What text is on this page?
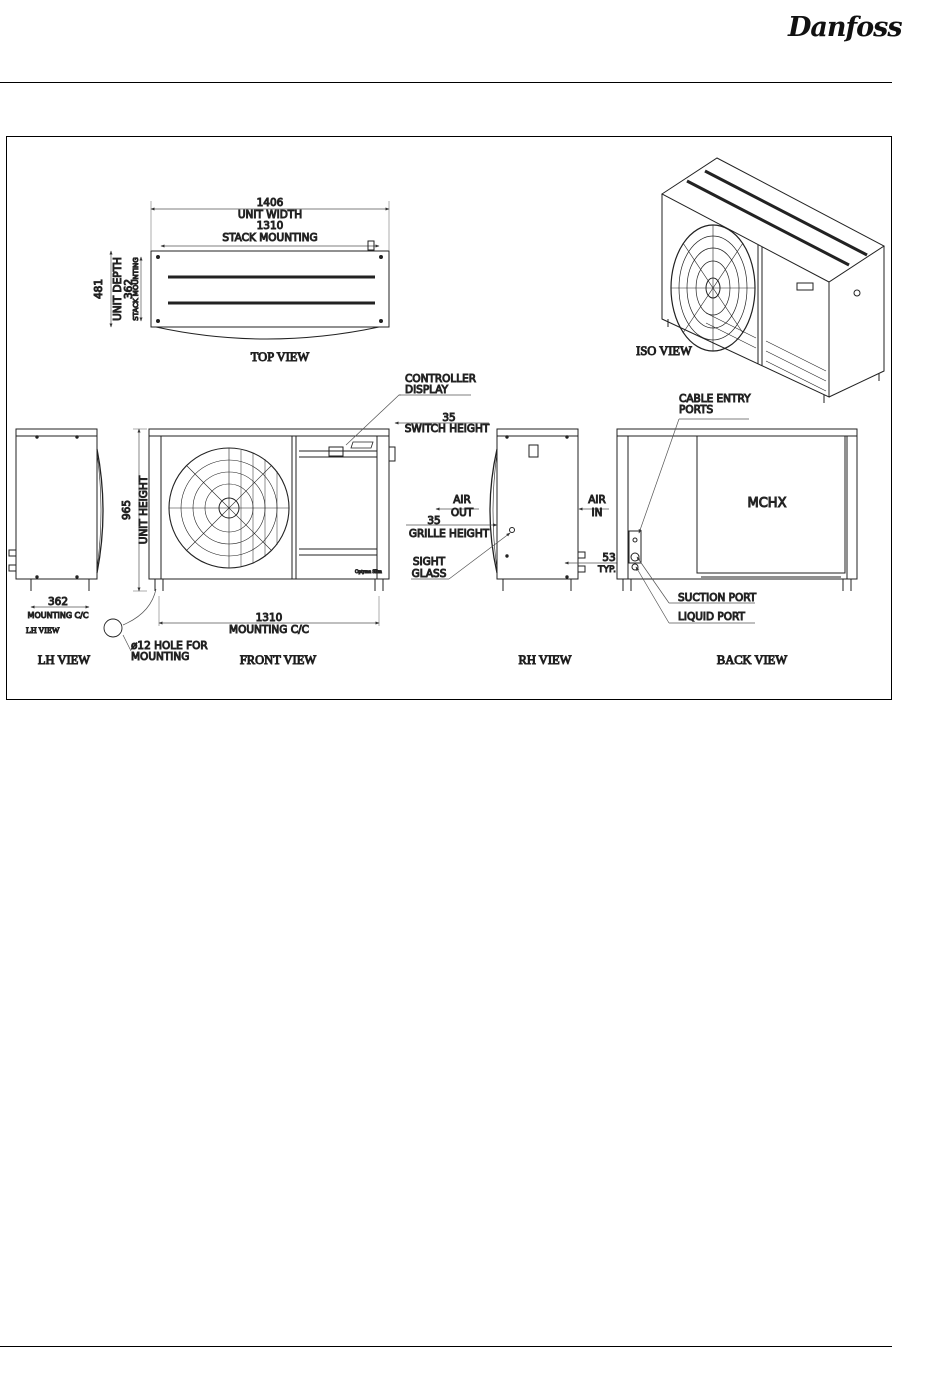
Danfoss
1406
UNIT WIDTH
1310
STACK MOUNTING
481 UNIT DEPTH 362
STACK MOUNTING
TOP VIEW	ISO VIEW
362
MOUNTING C/C
LH VIEW
LH VIEW
CONTROLLER
DISPLAY
35
SWITCH HEIGHT
965 UNIT HEIGHT
1310
MOUNTING C/C
ø12 HOLE FOR
MOUNTING
Optyma Slim
FRONT VIEW
AIR
OUT
35
GRILLE HEIGHT
SIGHT
GLASS
AIR
IN
53
TYP.
RH VIEW
CABLE ENTRY
PORTS
MCHX
SUCTION PORT
LIQUID PORT
BACK VIEW
